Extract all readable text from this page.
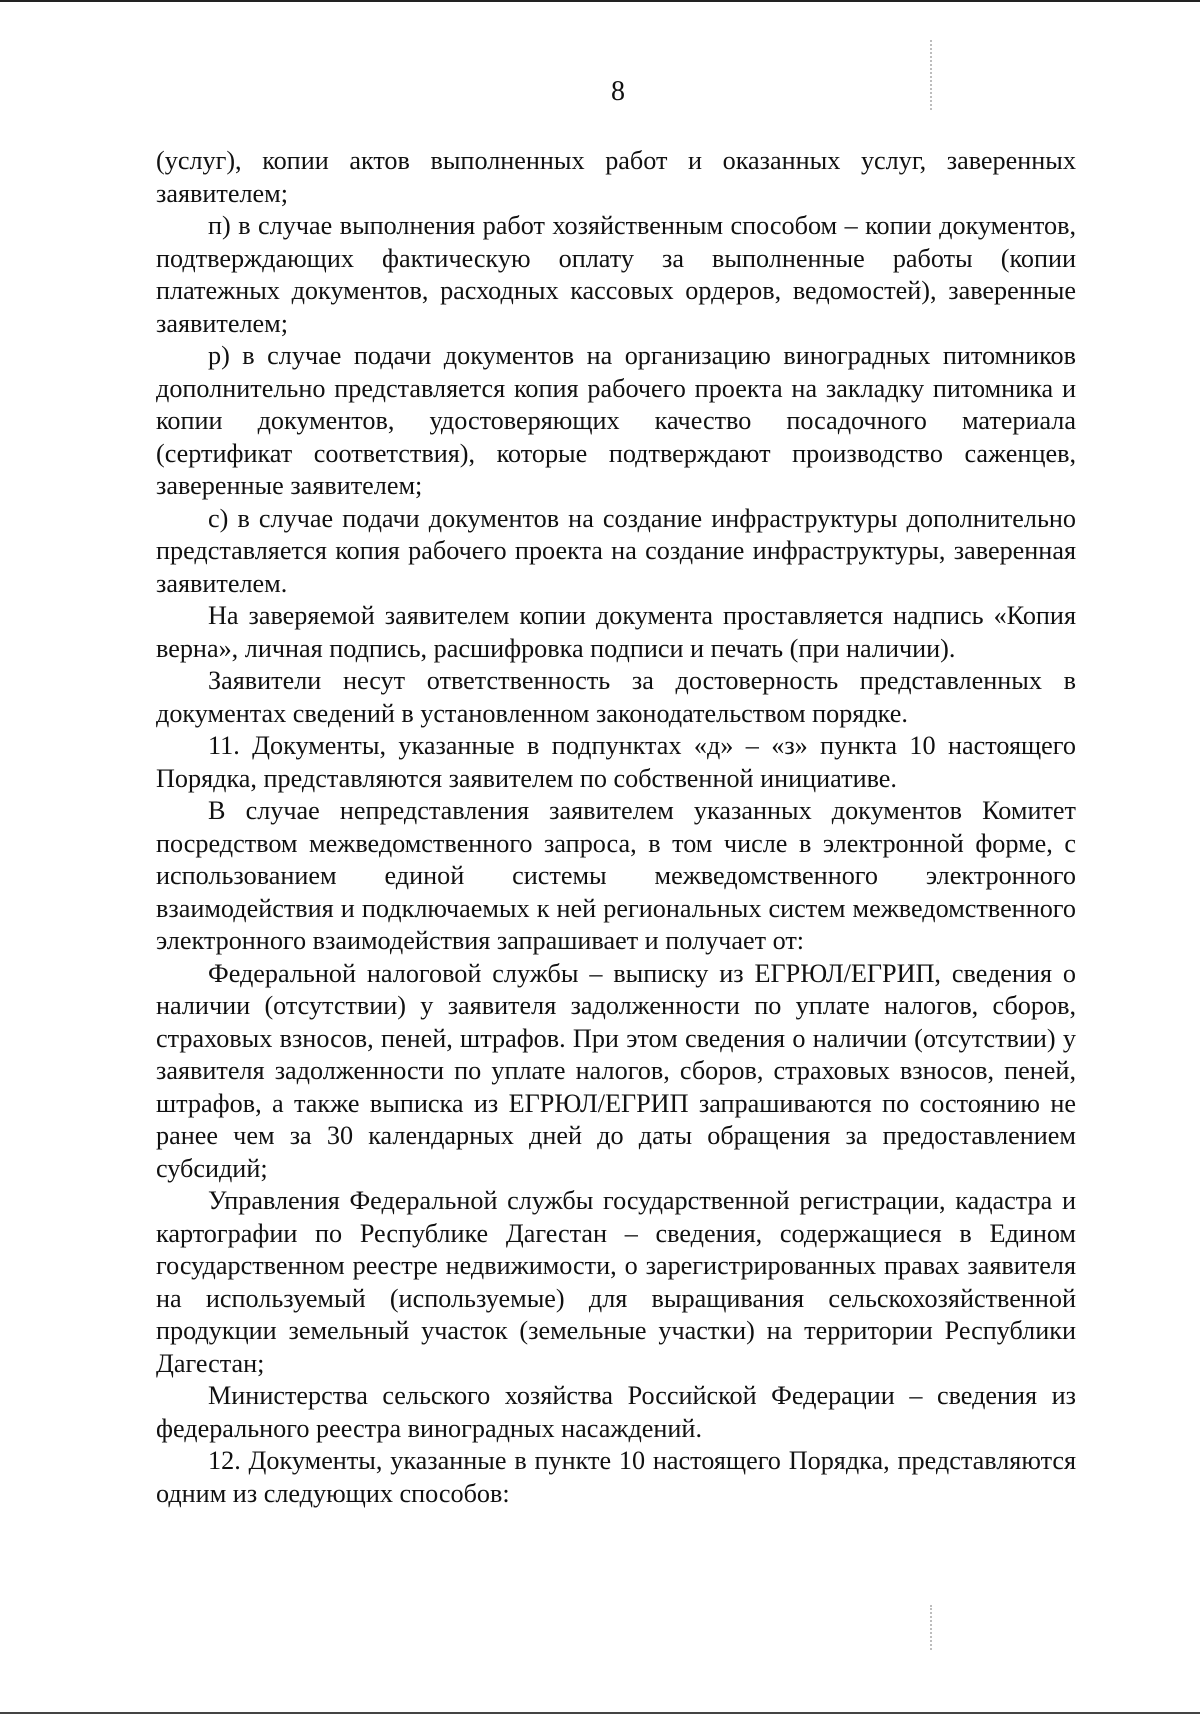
8

(услуг), копии актов выполненных работ и оказанных услуг, заверенных заявителем;

п) в случае выполнения работ хозяйственным способом – копии документов, подтверждающих фактическую оплату за выполненные работы (копии платежных документов, расходных кассовых ордеров, ведомостей), заверенные заявителем;

р) в случае подачи документов на организацию виноградных питомников дополнительно представляется копия рабочего проекта на закладку питомника и копии документов, удостоверяющих качество посадочного материала (сертификат соответствия), которые подтверждают производство саженцев, заверенные заявителем;

с) в случае подачи документов на создание инфраструктуры дополнительно представляется копия рабочего проекта на создание инфраструктуры, заверенная заявителем.

На заверяемой заявителем копии документа проставляется надпись «Копия верна», личная подпись, расшифровка подписи и печать (при наличии).

Заявители несут ответственность за достоверность представленных в документах сведений в установленном законодательством порядке.

11. Документы, указанные в подпунктах «д» – «з» пункта 10 настоящего Порядка, представляются заявителем по собственной инициативе.

В случае непредставления заявителем указанных документов Комитет посредством межведомственного запроса, в том числе в электронной форме, с использованием единой системы межведомственного электронного взаимодействия и подключаемых к ней региональных систем межведомственного электронного взаимодействия запрашивает и получает от:

Федеральной налоговой службы – выписку из ЕГРЮЛ/ЕГРИП, сведения о наличии (отсутствии) у заявителя задолженности по уплате налогов, сборов, страховых взносов, пеней, штрафов. При этом сведения о наличии (отсутствии) у заявителя задолженности по уплате налогов, сборов, страховых взносов, пеней, штрафов, а также выписка из ЕГРЮЛ/ЕГРИП запрашиваются по состоянию не ранее чем за 30 календарных дней до даты обращения за предоставлением субсидий;

Управления Федеральной службы государственной регистрации, кадастра и картографии по Республике Дагестан – сведения, содержащиеся в Едином государственном реестре недвижимости, о зарегистрированных правах заявителя на используемый (используемые) для выращивания сельскохозяйственной продукции земельный участок (земельные участки) на территории Республики Дагестан;

Министерства сельского хозяйства Российской Федерации – сведения из федерального реестра виноградных насаждений.

12. Документы, указанные в пункте 10 настоящего Порядка, представляются одним из следующих способов:
